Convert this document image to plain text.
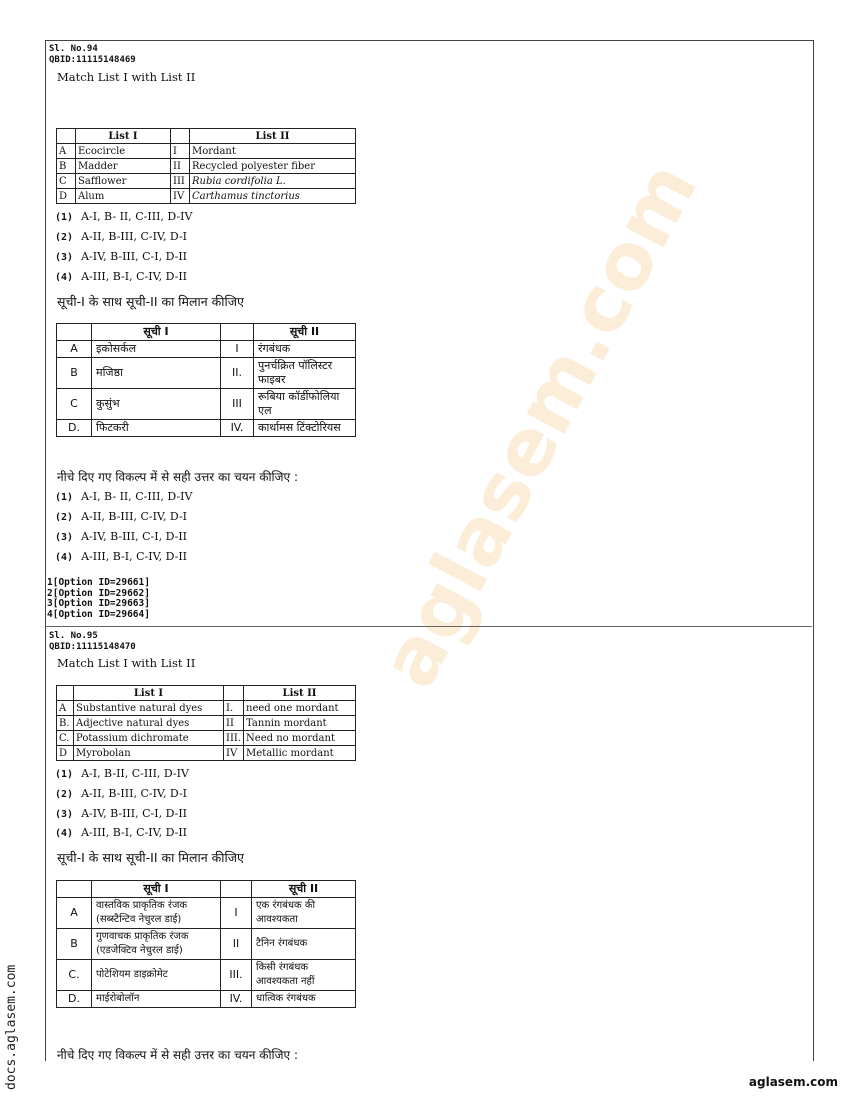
aglasem.com
Sl. No.94
QBID:11115148469
Match List I with List II
	List I		List II
A	Ecocircle	I	Mordant
B	Madder	II	Recycled polyester fiber
C	Safflower	III	Rubia cordifolia L.
D	Alum	IV	Carthamus tinctorius
(1) A-I, B- II, C-III, D-IV
(2) A-II, B-III, C-IV, D-I
(3) A-IV, B-III, C-I, D-II
(4) A-III, B-I, C-IV, D-II
सूची-I के साथ सूची-II का मिलान कीजिए
	सूची I		सूची II
A	इकोसर्कल	I	रंगबंधक
B	मजिष्ठा	II.	पुनर्चक्रित पॉलिस्टर फाइबर
C	कुसुंभ	III	रूबिया कॉर्डीफोलिया एल
D.	फिटकरी	IV.	कार्थामस टिंक्टोरियस
नीचे दिए गए विकल्प में से सही उत्तर का चयन कीजिए :
(1) A-I, B- II, C-III, D-IV
(2) A-II, B-III, C-IV, D-I
(3) A-IV, B-III, C-I, D-II
(4) A-III, B-I, C-IV, D-II
1[Option ID=29661]
2[Option ID=29662]
3[Option ID=29663]
4[Option ID=29664]
Sl. No.95
QBID:11115148470
Match List I with List II
	List I		List II
A	Substantive natural dyes	I.	need one mordant
B.	Adjective natural dyes	II	Tannin mordant
C.	Potassium dichromate	III.	Need no mordant
D	Myrobolan	IV	Metallic mordant
(1) A-I, B-II, C-III, D-IV
(2) A-II, B-III, C-IV, D-I
(3) A-IV, B-III, C-I, D-II
(4) A-III, B-I, C-IV, D-II
सूची-I के साथ सूची-II का मिलान कीजिए
	सूची I		सूची II
A	वास्तविक प्राकृतिक रंजक (सब्स्टैन्टिव नेचुरल डाई)	I	एक रंगबंधक की आवश्यकता
B	गुणवाचक प्राकृतिक रंजक (एडजेक्टिव नेचुरल डाई)	II	टैनिन रंगबंधक
C.	पोटेशियम डाइक्रोमेट	III.	किसी रंगबंधक आवश्यकता नहीं
D.	माईरोबोलॉन	IV.	धात्विक रंगबंधक
नीचे दिए गए विकल्प में से सही उत्तर का चयन कीजिए :
docs.aglasem.com	aglasem.com
